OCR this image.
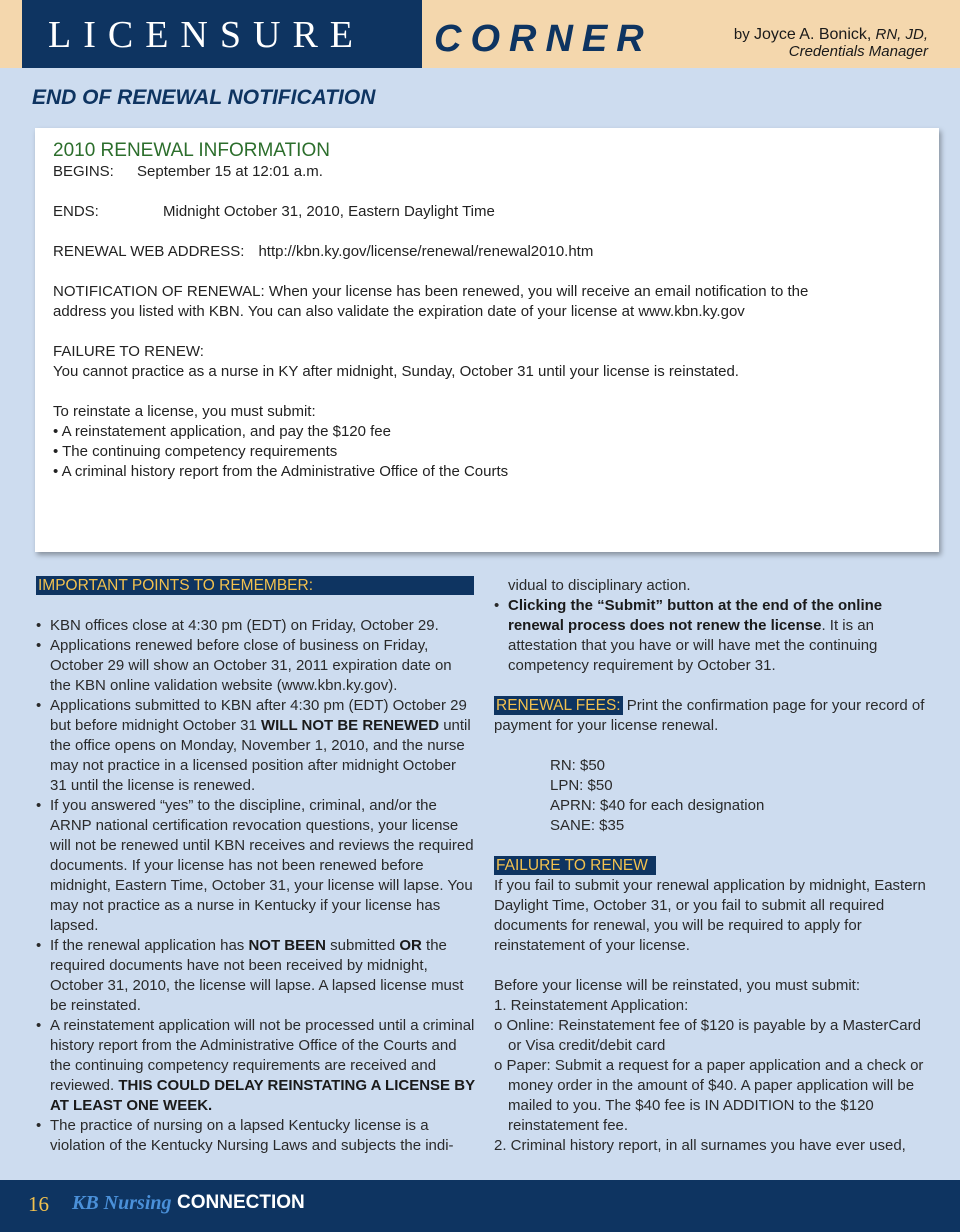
LICENSURE CORNER	by Joyce A. Bonick, RN, JD,
Credentials Manager
END OF RENEWAL NOTIFICATION
2010 RENEWAL INFORMATION

BEGINS: September 15 at 12:01 a.m.

ENDS:	Midnight October 31, 2010, Eastern Daylight Time

RENEWAL WEB ADDRESS: http://kbn.ky.gov/license/renewal/renewal2010.htm

NOTIFICATION OF RENEWAL: When your license has been renewed, you will receive an email notification to the

address you listed with KBN. You can also validate the expiration date of your license at www.kbn.ky.gov

FAILURE TO RENEW:

You cannot practice as a nurse in KY after midnight, Sunday, October 31 until your license is reinstated.

To reinstate a license, you must submit:

• A reinstatement application, and pay the $120 fee

• The continuing competency requirements

• A criminal history report from the Administrative Office of the Courts

IMPORTANT POINTS TO REMEMBER:

• KBN offices close at 4:30 pm (EDT) on Friday, October 29.

• Applications renewed before close of business on Friday, October 29 will show an October 31, 2011 expiration date on the KBN online validation website (www.kbn.ky.gov).

• Applications submitted to KBN after 4:30 pm (EDT) October 29 but before midnight October 31 WILL NOT BE RENEWED until the office opens on Monday, November 1, 2010, and the nurse may not practice in a licensed position after midnight October 31 until the license is renewed.

• If you answered “yes” to the discipline, criminal, and/or the ARNP national certification revocation questions, your license will not be renewed until KBN receives and reviews the required documents. If your license has not been renewed before midnight, Eastern Time, October 31, your license will lapse. You may not practice as a nurse in Kentucky if your license has lapsed.

• If the renewal application has NOT BEEN submitted OR the required documents have not been received by midnight, October 31, 2010, the license will lapse. A lapsed license must be reinstated.

• A reinstatement application will not be processed until a criminal history report from the Administrative Office of the Courts and the continuing competency requirements are received and reviewed. THIS COULD DELAY REINSTATING A LICENSE BY AT LEAST ONE WEEK.

• The practice of nursing on a lapsed Kentucky license is a violation of the Kentucky Nursing Laws and subjects the indi-

vidual to disciplinary action.

• Clicking the “Submit” button at the end of the online renewal process does not renew the license. It is an attestation that you have or will have met the continuing competency requirement by October 31.

RENEWAL FEES: Print the confirmation page for your record of payment for your license renewal.

RN: $50

LPN: $50

APRN: $40 for each designation

SANE: $35

FAILURE TO RENEW

If you fail to submit your renewal application by midnight, Eastern Daylight Time, October 31, or you fail to submit all required documents for renewal, you will be required to apply for reinstatement of your license.

Before your license will be reinstated, you must submit:

1. Reinstatement Application:

o Online: Reinstatement fee of $120 is payable by a MasterCard or Visa credit/debit card

o Paper: Submit a request for a paper application and a check or money order in the amount of $40. A paper application will be mailed to you. The $40 fee is IN ADDITION to the $120 reinstatement fee.

2. Criminal history report, in all surnames you have ever used,

16 KB Nursing CONNECTION
